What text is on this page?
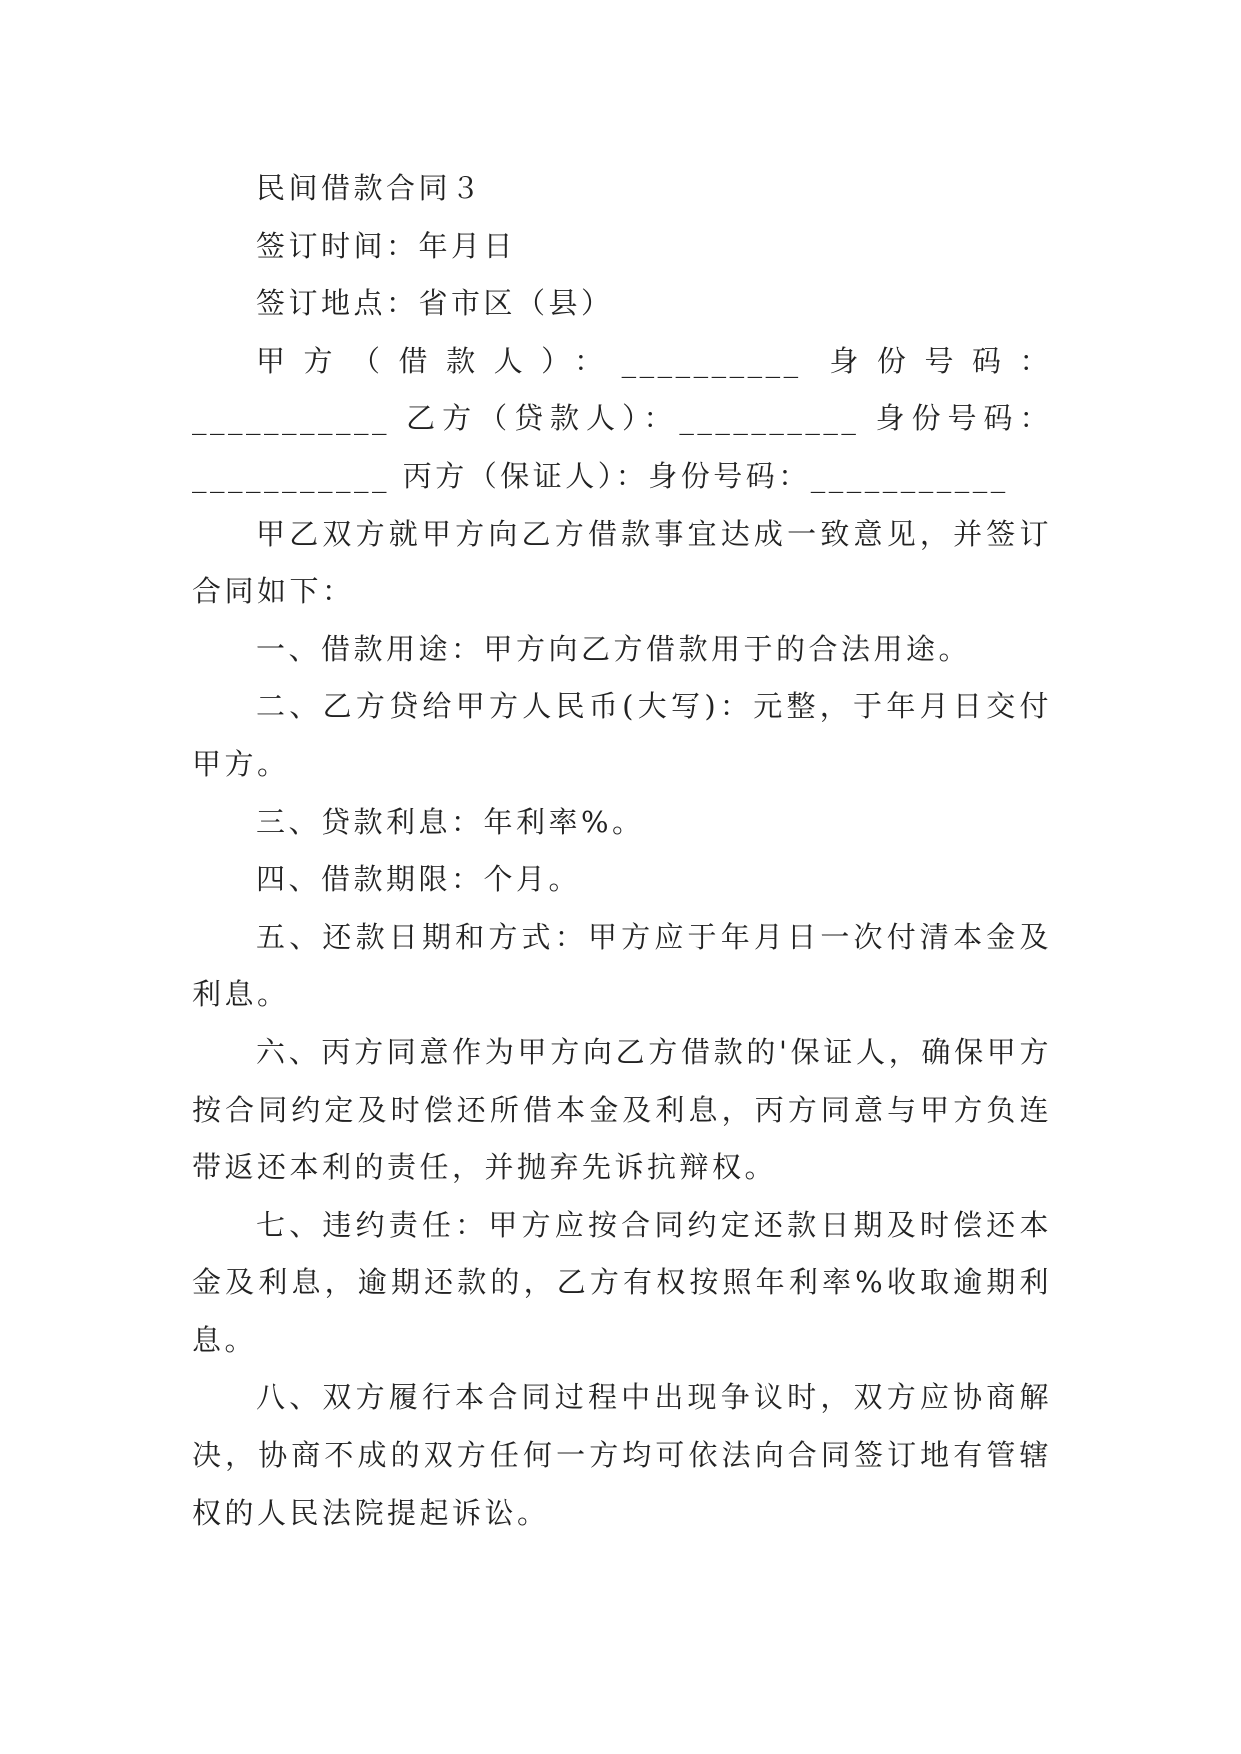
民间借款合同３

签订时间：年月日

签订地点：省市区（县）

甲方（借款人）：__________ 身份号码：___________ 乙方（贷款人）：__________ 身份号码：___________ 丙方（保证人）：身份号码：___________

甲乙双方就甲方向乙方借款事宜达成一致意见，并签订合同如下：

一、借款用途：甲方向乙方借款用于的合法用途。

二、乙方贷给甲方人民币(大写)：元整，于年月日交付甲方。

三、贷款利息：年利率%。

四、借款期限：个月。

五、还款日期和方式：甲方应于年月日一次付清本金及利息。

六、丙方同意作为甲方向乙方借款的'保证人，确保甲方按合同约定及时偿还所借本金及利息，丙方同意与甲方负连带返还本利的责任，并抛弃先诉抗辩权。

七、违约责任：甲方应按合同约定还款日期及时偿还本金及利息，逾期还款的，乙方有权按照年利率%收取逾期利息。

八、双方履行本合同过程中出现争议时，双方应协商解决，协商不成的双方任何一方均可依法向合同签订地有管辖权的人民法院提起诉讼。
